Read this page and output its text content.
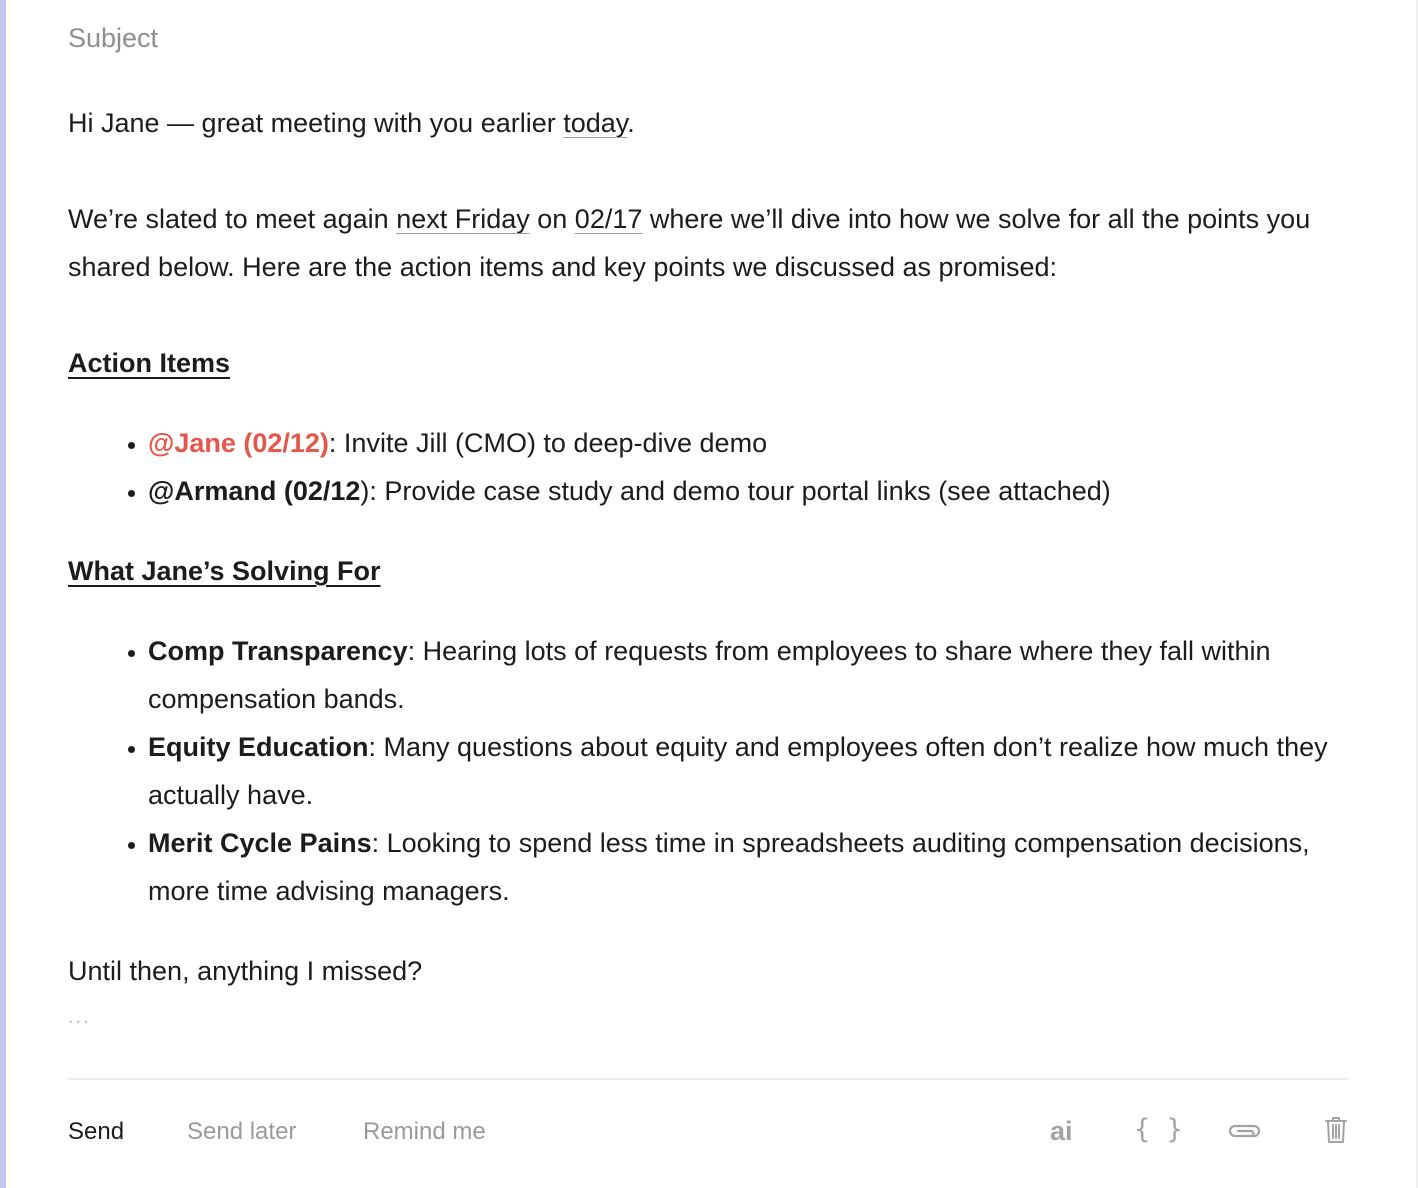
Subject

Hi Jane — great meeting with you earlier today.

We’re slated to meet again next Friday on 02/17 where we’ll dive into how we solve for all the points you shared below. Here are the action items and key points we discussed as promised:

Action Items

• @Jane (02/12): Invite Jill (CMO) to deep-dive demo
• @Armand (02/12): Provide case study and demo tour portal links (see attached)

What Jane’s Solving For

• Comp Transparency: Hearing lots of requests from employees to share where they fall within compensation bands.
• Equity Education: Many questions about equity and employees often don’t realize how much they actually have.
• Merit Cycle Pains: Looking to spend less time in spreadsheets auditing compensation decisions, more time advising managers.

Until then, anything I missed?

...
Send	Send later	Remind me	ai { }
